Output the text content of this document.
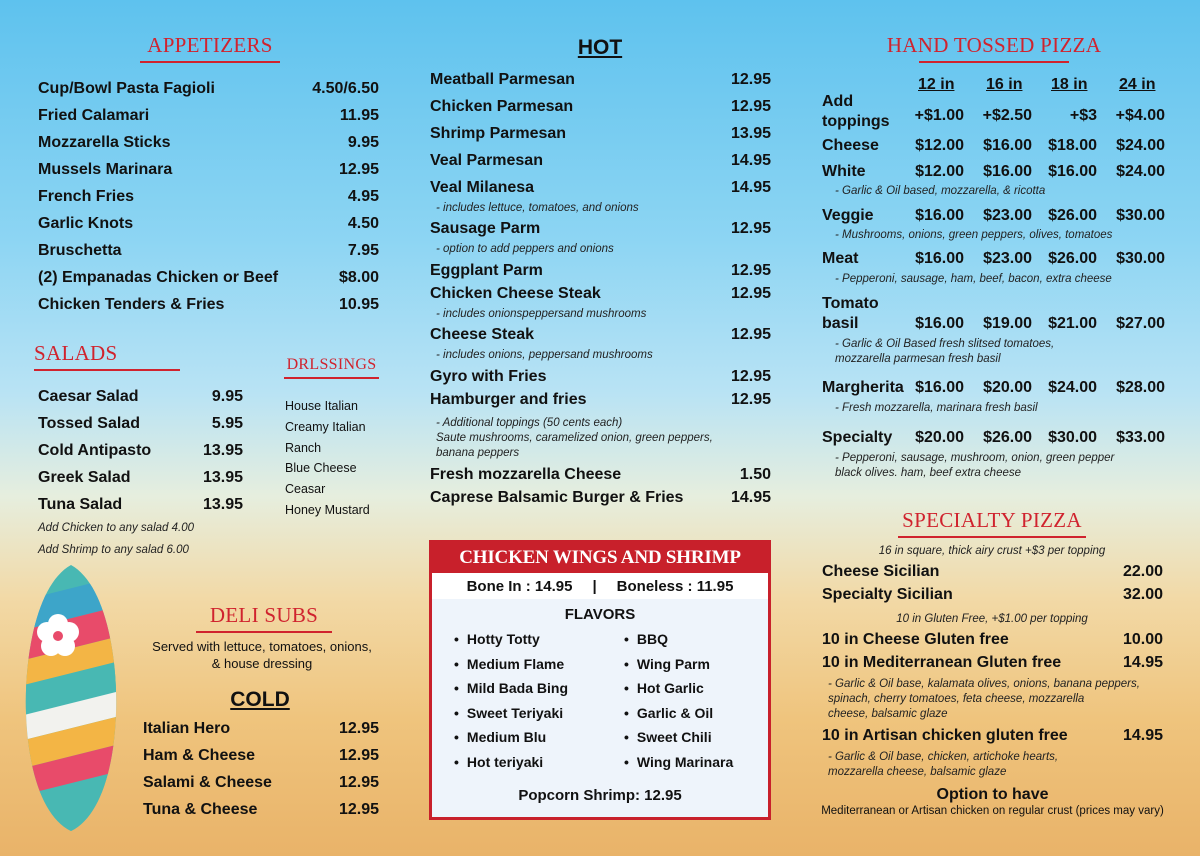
APPETIZERS
Cup/Bowl Pasta Fagioli	4.50/6.50
Fried Calamari	11.95
Mozzarella Sticks	9.95
Mussels Marinara	12.95
French Fries	4.95
Garlic Knots	4.50
Bruschetta	7.95
(2) Empanadas Chicken or Beef	$8.00
Chicken Tenders & Fries	10.95
SALADS
Caesar Salad	9.95
Tossed Salad	5.95
Cold Antipasto	13.95
Greek Salad	13.95
Tuna Salad	13.95
Add Chicken to any salad 4.00
Add Shrimp to any salad 6.00
DRLSSINGS
House Italian
Creamy Italian
Ranch
Blue Cheese
Ceasar
Honey Mustard
DELI SUBS
Served with lettuce, tomatoes, onions,
& house dressing
COLD
Italian Hero	12.95
Ham & Cheese	12.95
Salami & Cheese	12.95
Tuna & Cheese	12.95
HOT
Meatball Parmesan	12.95
Chicken Parmesan	12.95
Shrimp Parmesan	13.95
Veal Parmesan	14.95
Veal Milanesa	14.95
- includes lettuce, tomatoes, and onions
Sausage Parm	12.95
- option to add peppers and onions
Eggplant Parm	12.95
Chicken Cheese Steak	12.95
- includes onionspeppersand mushrooms
Cheese Steak	12.95
- includes onions, peppersand mushrooms
Gyro with Fries	12.95
Hamburger and fries	12.95
Fresh mozzarella Cheese	1.50
Caprese Balsamic Burger & Fries	14.95
- Additional toppings (50 cents each)
Saute mushrooms, caramelized onion, green peppers,
banana peppers
CHICKEN WINGS AND SHRIMP
Bone In : 14.95 | Boneless : 11.95
FLAVORS
• Hotty Totty
• Medium Flame
• Mild Bada Bing
• Sweet Teriyaki
• Medium Blu
• Hot teriyaki
• BBQ
• Wing Parm
• Hot Garlic
• Garlic & Oil
• Sweet Chili
• Wing Marinara
Popcorn Shrimp: 12.95
HAND TOSSED PIZZA
12 in 16 in 18 in 24 in
Add
toppings +$1.00 +$2.50 +$3 +$4.00
Cheese $12.00 $16.00 $18.00 $24.00
White	$12.00 $16.00 $16.00 $24.00
- Garlic & Oil based, mozzarella, & ricotta
Veggie	$16.00 $23.00 $26.00 $30.00
- Mushrooms, onions, green peppers, olives, tomatoes
Meat	$16.00 $23.00 $26.00 $30.00
- Pepperoni, sausage, ham, beef, bacon, extra cheese
Tomato
basil	$16.00 $19.00 $21.00 $27.00
- Garlic & Oil Based fresh slitsed tomatoes,
mozzarella parmesan fresh basil
Margherita $16.00 $20.00 $24.00 $28.00
- Fresh mozzarella, marinara fresh basil
Specialty $20.00 $26.00 $30.00 $33.00
- Pepperoni, sausage, mushroom, onion, green pepper
black olives. ham, beef extra cheese
SPECIALTY PIZZA
16 in square, thick airy crust +$3 per topping
Cheese Sicilian	22.00
Specialty Sicilian	32.00
10 in Gluten Free, +$1.00 per topping
10 in Cheese Gluten free	10.00
10 in Mediterranean Gluten free	14.95
- Garlic & Oil base, kalamata olives, onions, banana peppers,
spinach, cherry tomatoes, feta cheese, mozzarella
cheese, balsamic glaze
10 in Artisan chicken gluten free	14.95
- Garlic & Oil base, chicken, artichoke hearts,
mozzarella cheese, balsamic glaze
Option to have
Mediterranean or Artisan chicken on regular crust (prices may vary)
